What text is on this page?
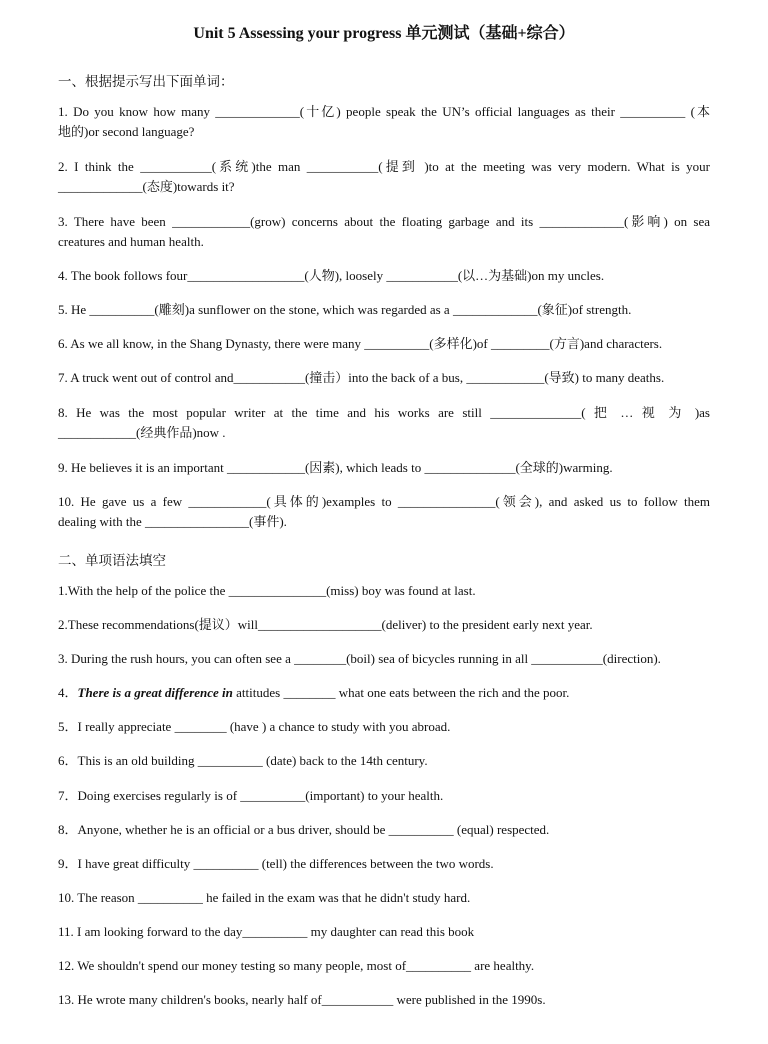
Unit 5 Assessing your progress 单元测试（基础+综合）
一、根据提示写出下面单词：
1. Do you know how many _____________(十亿) people speak the UN’s official languages as their __________ (本
地的)or second language?
2. I think the ___________(系统)the man ___________(提到 )to at the meeting was very modern. What is your
_____________(态度)towards it?
3. There have been ____________(grow) concerns about the floating garbage and its _____________(影响) on sea
creatures and human health.
4. The book follows four__________________(人物), loosely ___________(以…为基础)on my uncles.
5. He __________(雕刻)a sunflower on the stone, which was regarded as a _____________(象征)of strength.
6. As we all know, in the Shang Dynasty, there were many __________(多样化)of _________(方言)and characters.
7. A truck went out of control and___________(撞击）into the back of a bus, ____________(导致) to many deaths.
8. He was the most popular writer at the time and his works are still ______________( 把 … 视 为 )as
____________(经典作品)now .
9. He believes it is an important ____________(因素), which leads to ______________(全球的)warming.
10. He gave us a few ____________(具体的)examples to _______________(领会), and asked us to follow them
dealing with the ________________(事件).
二、单项语法填空
1.With the help of the police the _______________(miss) boy was found at last.
2.These recommendations(提议）will___________________(deliver) to the president early next year.
3. During the rush hours, you can often see a ________(boil) sea of bicycles running in all ___________(direction).
4．There is a great difference in attitudes ________ what one eats between the rich and the poor.
5．I really appreciate ________ (have ) a chance to study with you abroad.
6．This is an old building __________ (date) back to the 14th century.
7．Doing exercises regularly is of __________(important) to your health.
8．Anyone, whether he is an official or a bus driver, should be __________ (equal) respected.
9．I have great difficulty __________ (tell) the differences between the two words.
10. The reason __________ he failed in the exam was that he didn't study hard.
11. I am looking forward to the day__________ my daughter can read this book
12. We shouldn't spend our money testing so many people, most of__________ are healthy.
13. He wrote many children's books, nearly half of___________ were published in the 1990s.
